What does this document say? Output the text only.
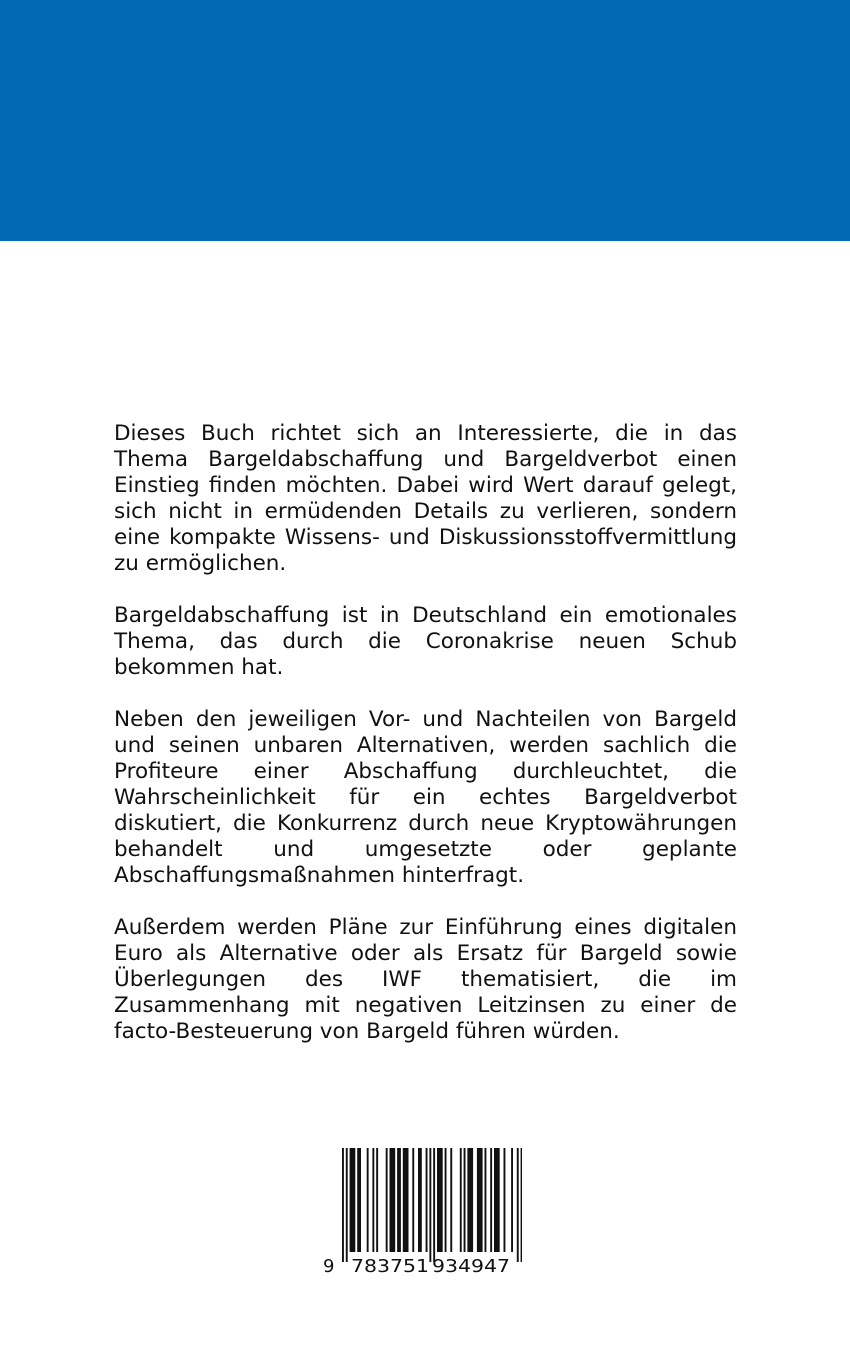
Dieses Buch richtet sich an Interessierte, die in das Thema Bargeldabschaffung und Bargeldverbot einen Einstieg finden möchten. Dabei wird Wert darauf gelegt, sich nicht in ermüdenden Details zu verlieren, sondern eine kompakte Wissens- und Diskussionsstoffvermittlung zu ermöglichen.

Bargeldabschaffung ist in Deutschland ein emotionales Thema, das durch die Coronakrise neuen Schub bekommen hat.

Neben den jeweiligen Vor- und Nachteilen von Bargeld und seinen unbaren Alternativen, werden sachlich die Profiteure einer Abschaffung durchleuchtet, die Wahrscheinlichkeit für ein echtes Bargeldverbot diskutiert, die Konkurrenz durch neue Kryptowährungen behandelt und umgesetzte oder geplante Abschaffungsmaßnahmen hinterfragt.

Außerdem werden Pläne zur Einführung eines digitalen Euro als Alternative oder als Ersatz für Bargeld sowie Überlegungen des IWF thematisiert, die im Zusammenhang mit negativen Leitzinsen zu einer de facto-Besteuerung von Bargeld führen würden.

9 783751 934947
